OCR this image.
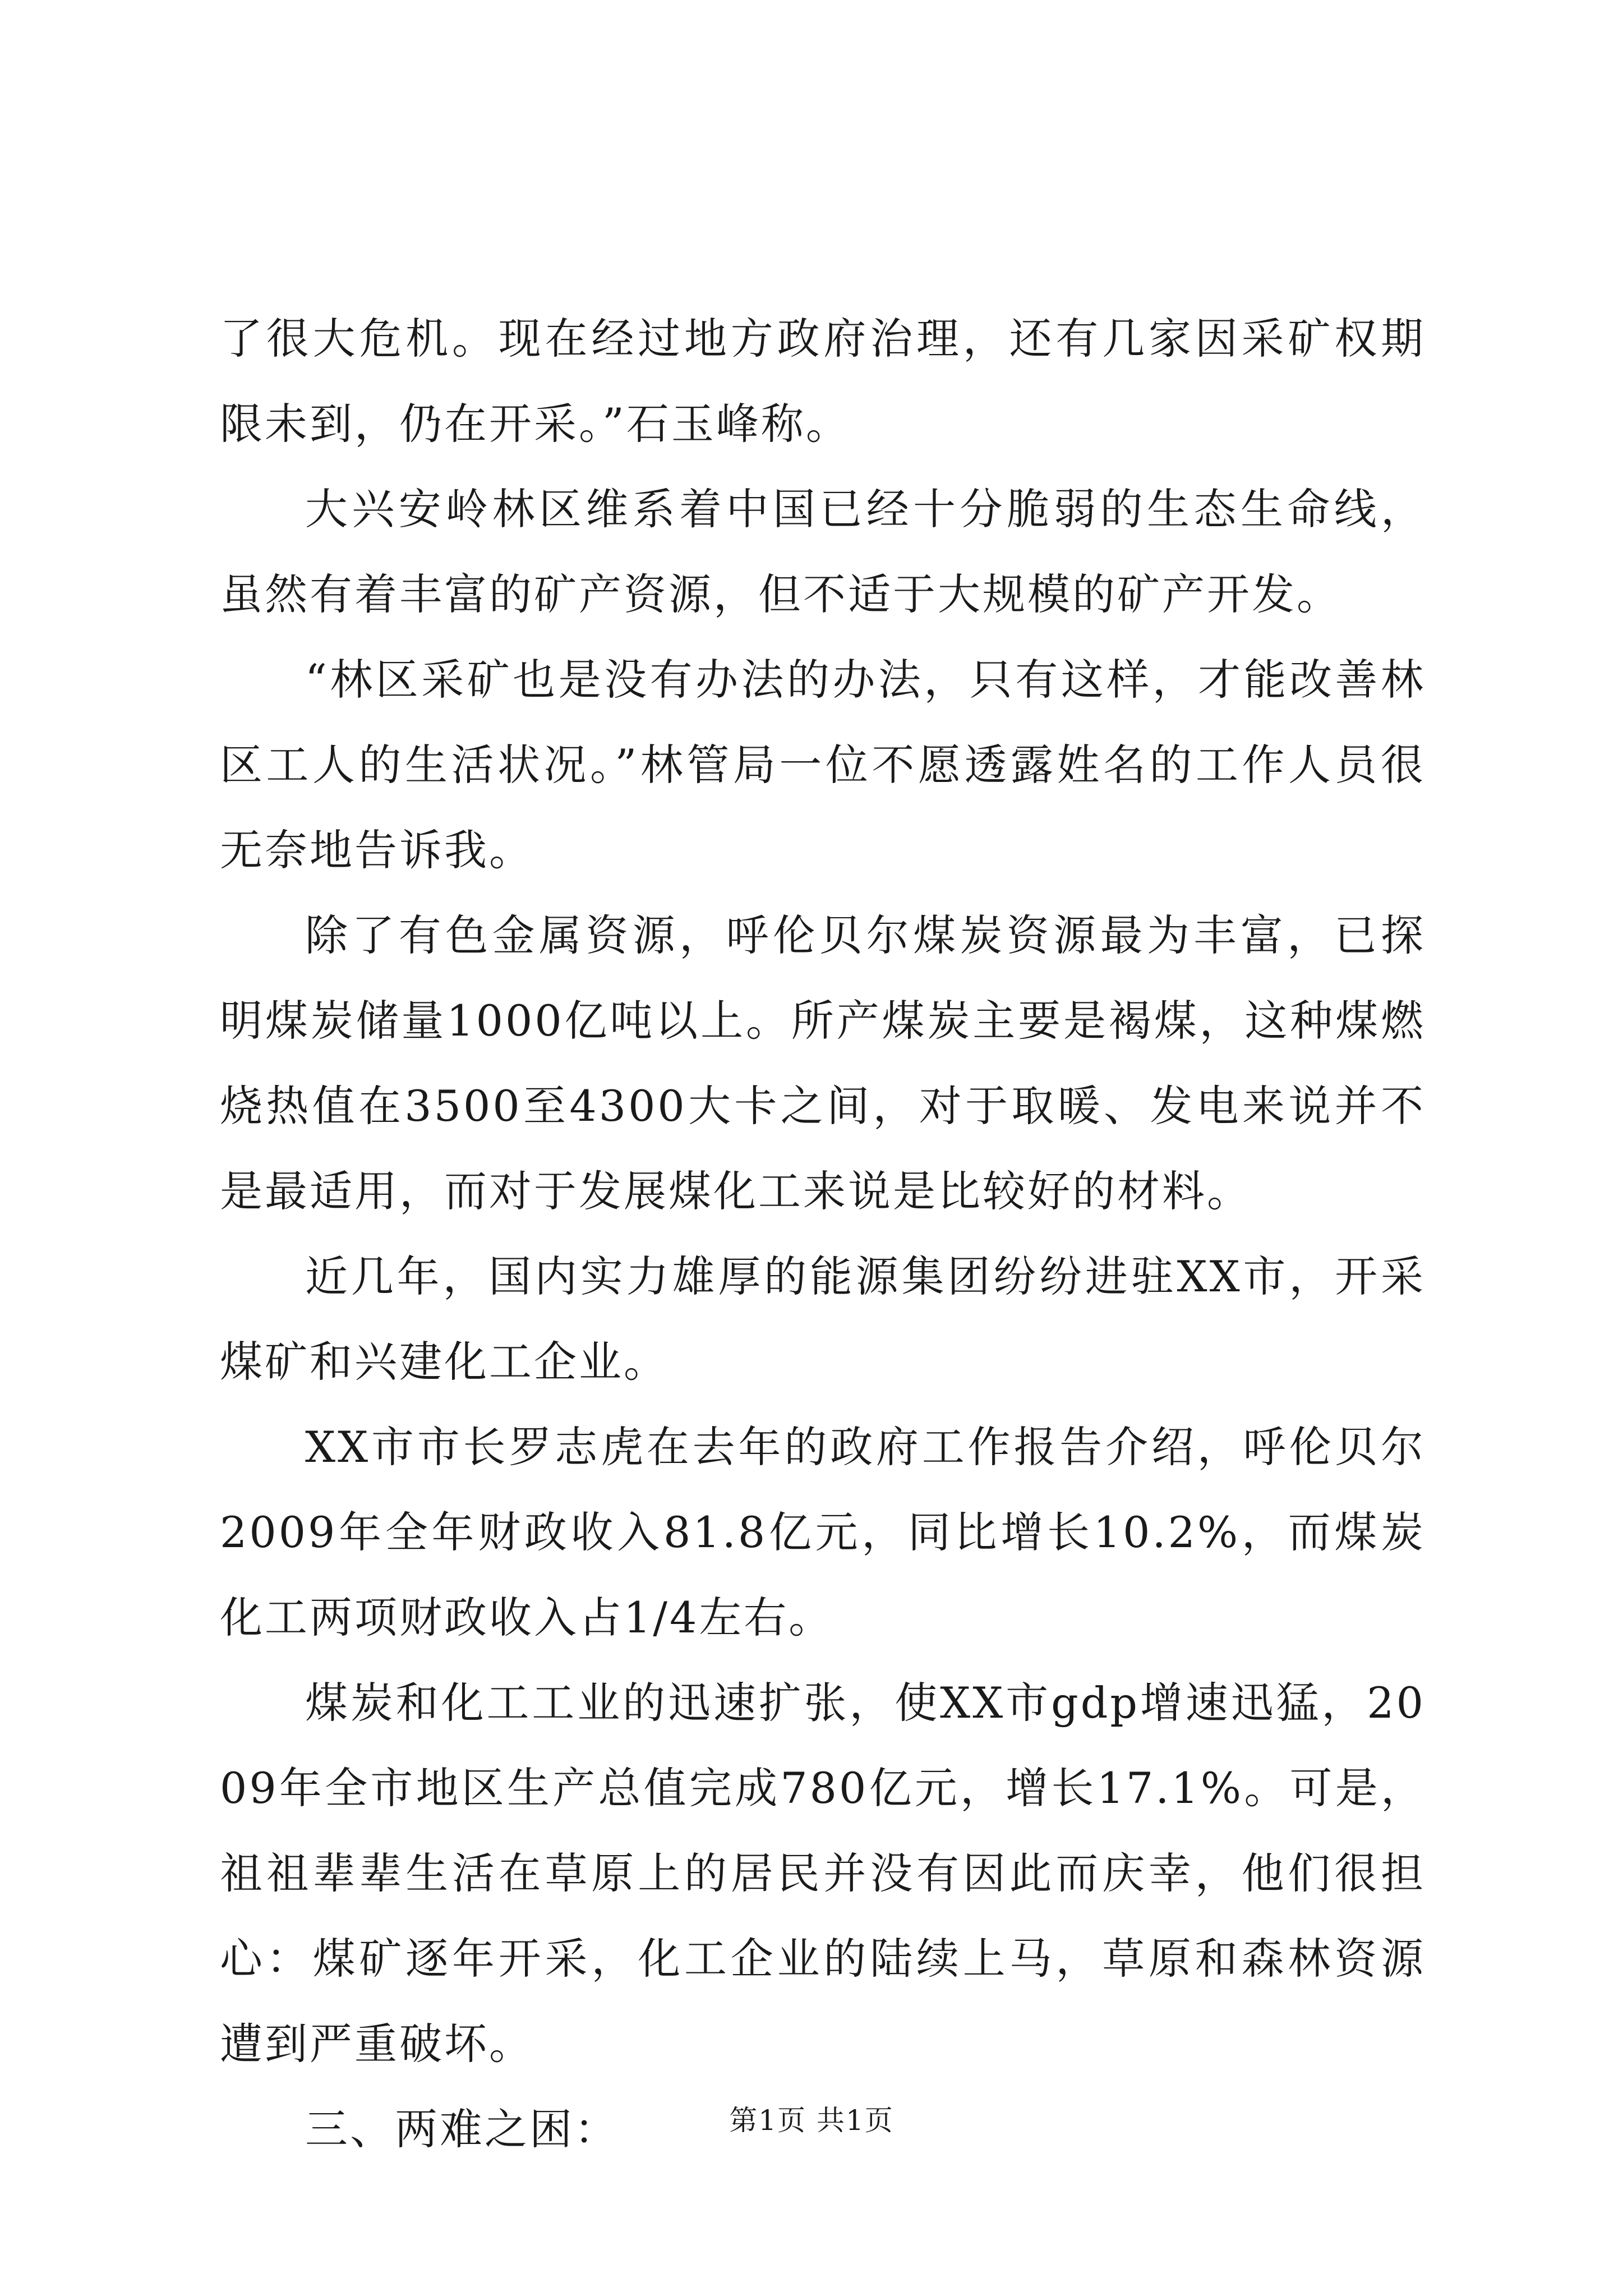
了很大危机。现在经过地方政府治理，还有几家因采矿权期限未到，仍在开采。”石玉峰称。

大兴安岭林区维系着中国已经十分脆弱的生态生命线，虽然有着丰富的矿产资源，但不适于大规模的矿产开发。

“林区采矿也是没有办法的办法，只有这样，才能改善林区工人的生活状况。”林管局一位不愿透露姓名的工作人员很无奈地告诉我。

除了有色金属资源，呼伦贝尔煤炭资源最为丰富，已探明煤炭储量1000亿吨以上。所产煤炭主要是褐煤，这种煤燃烧热值在3500至4300大卡之间，对于取暖、发电来说并不是最适用，而对于发展煤化工来说是比较好的材料。

近几年，国内实力雄厚的能源集团纷纷进驻XX市，开采煤矿和兴建化工企业。

XX市市长罗志虎在去年的政府工作报告介绍，呼伦贝尔2009年全年财政收入81.8亿元，同比增长10.2%，而煤炭化工两项财政收入占1/4左右。

煤炭和化工工业的迅速扩张，使XX市gdp增速迅猛，2009年全市地区生产总值完成780亿元，增长17.1%。可是，祖祖辈辈生活在草原上的居民并没有因此而庆幸，他们很担心：煤矿逐年开采，化工企业的陆续上马，草原和森林资源遭到严重破坏。

三、两难之困：	第1页 共1页
